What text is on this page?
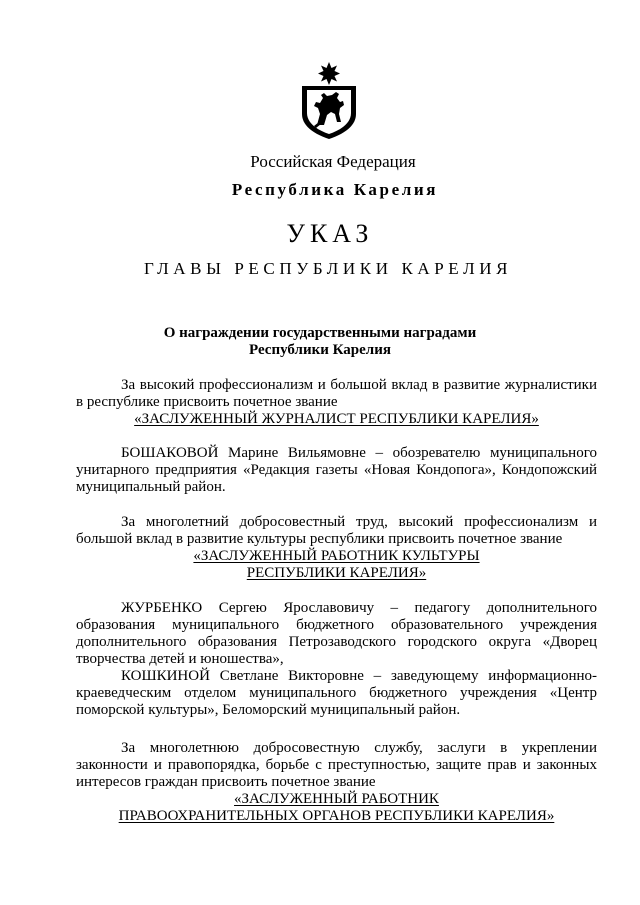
Российская Федерация
Республика Карелия
УКАЗ
ГЛАВЫ РЕСПУБЛИКИ КАРЕЛИЯ
О награждении государственными наградами
Республики Карелия
За высокий профессионализм и большой вклад в развитие журналистики в республике присвоить почетное звание
«ЗАСЛУЖЕННЫЙ ЖУРНАЛИСТ РЕСПУБЛИКИ КАРЕЛИЯ»
БОШАКОВОЙ Марине Вильямовне – обозревателю муниципального унитарного предприятия «Редакция газеты «Новая Кондопога», Кондопожский муниципальный район.
За многолетний добросовестный труд, высокий профессионализм и большой вклад в развитие культуры республики присвоить почетное звание
«ЗАСЛУЖЕННЫЙ РАБОТНИК КУЛЬТУРЫ
РЕСПУБЛИКИ КАРЕЛИЯ»
ЖУРБЕНКО Сергею Ярославовичу – педагогу дополнительного образования муниципального бюджетного образовательного учреждения дополнительного образования Петрозаводского городского округа «Дворец творчества детей и юношества»,
КОШКИНОЙ Светлане Викторовне – заведующему информационно-краеведческим отделом муниципального бюджетного учреждения «Центр поморской культуры», Беломорский муниципальный район.
За многолетнюю добросовестную службу, заслуги в укреплении законности и правопорядка, борьбе с преступностью, защите прав и законных интересов граждан присвоить почетное звание
«ЗАСЛУЖЕННЫЙ РАБОТНИК
ПРАВООХРАНИТЕЛЬНЫХ ОРГАНОВ РЕСПУБЛИКИ КАРЕЛИЯ»
